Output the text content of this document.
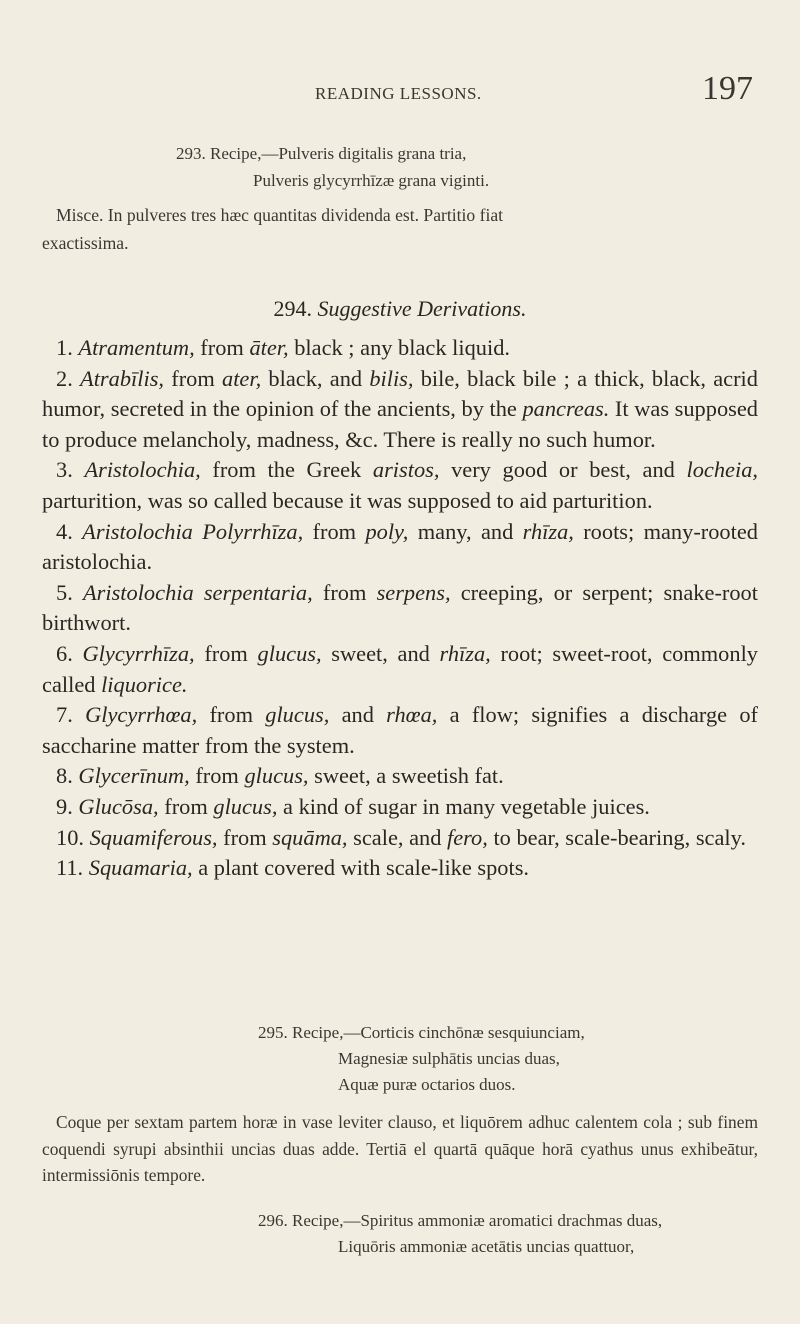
READING LESSONS.	197
293. Recipe,—Pulveris digitalis grana tria,
Pulveris glycyrrhīzæ grana viginti.

Misce. In pulveres tres hæc quantitas dividenda est. Partitio fiat

exactissima.

294. Suggestive Derivations.

1. Atramentum, from āter, black ; any black liquid.

2. Atrabīlis, from ater, black, and bilis, bile, black bile ; a thick, black, acrid humor, secreted in the opinion of the ancients, by the pancreas. It was supposed to produce melancholy, madness, &c. There is really no such humor.

3. Aristolochia, from the Greek aristos, very good or best, and locheia, parturition, was so called because it was supposed to aid parturition.

4. Aristolochia Polyrrhīza, from poly, many, and rhīza, roots; many-rooted aristolochia.

5. Aristolochia serpentaria, from serpens, creeping, or serpent; snake-root birthwort.

6. Glycyrrhīza, from glucus, sweet, and rhīza, root; sweet-root, commonly called liquorice.

7. Glycyrrhœa, from glucus, and rhœa, a flow; signifies a discharge of saccharine matter from the system.

8. Glycerīnum, from glucus, sweet, a sweetish fat.

9. Glucōsa, from glucus, a kind of sugar in many vegetable juices.

10. Squamiferous, from squāma, scale, and fero, to bear, scale-bearing, scaly.

11. Squamaria, a plant covered with scale-like spots.

295. Recipe,—Corticis cinchōnæ sesquiunciam,
Magnesiæ sulphātis uncias duas,
Aquæ puræ octarios duos.

Coque per sextam partem horæ in vase leviter clauso, et liquōrem adhuc calentem cola ; sub finem coquendi syrupi absinthii uncias duas adde. Tertiā el quartā quāque horā cyathus unus exhibeātur, intermissiōnis tempore.

296. Recipe,—Spiritus ammoniæ aromatici drachmas duas,
Liquōris ammoniæ acetātis uncias quattuor,
